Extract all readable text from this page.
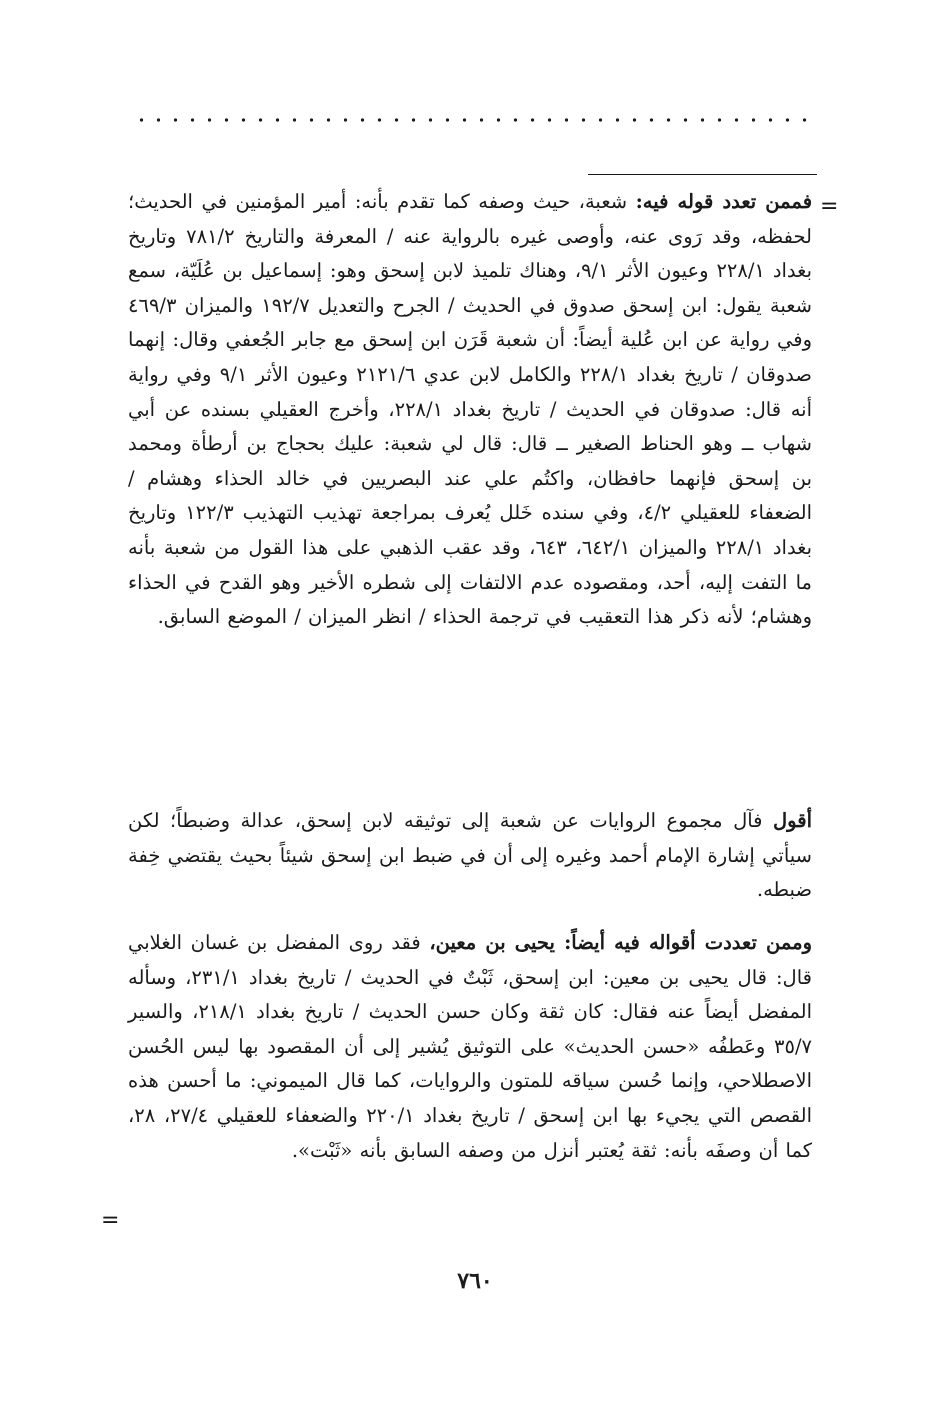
=

فممن تعدد قوله فيه: شعبة، حيث وصفه كما تقدم بأنه: أمير المؤمنين في الحديث؛ لحفظه، وقد رَوى عنه، وأوصى غيره بالرواية عنه / المعرفة والتاريخ ٧٨١/٢ وتاريخ بغداد ٢٢٨/١ وعيون الأثر ٩/١، وهناك تلميذ لابن إسحق وهو: إسماعيل بن عُلَيّة، سمع شعبة يقول: ابن إسحق صدوق في الحديث / الجرح والتعديل ١٩٢/٧ والميزان ٤٦٩/٣ وفي رواية عن ابن عُلية أيضاً: أن شعبة قَرَن ابن إسحق مع جابر الجُعفي وقال: إنهما صدوقان / تاريخ بغداد ٢٢٨/١ والكامل لابن عدي ٢١٢١/٦ وعيون الأثر ٩/١ وفي رواية أنه قال: صدوقان في الحديث / تاريخ بغداد ٢٢٨/١، وأخرج العقيلي بسنده عن أبي شهاب ــ وهو الحناط الصغير ــ قال: قال لي شعبة: عليك بحجاج بن أرطأة ومحمد بن إسحق فإنهما حافظان، واكتُم علي عند البصريين في خالد الحذاء وهشام / الضعفاء للعقيلي ٤/٢، وفي سنده خَلل يُعرف بمراجعة تهذيب التهذيب ١٢٢/٣ وتاريخ بغداد ٢٢٨/١ والميزان ٦٤٢/١، ٦٤٣، وقد عقب الذهبي على هذا القول من شعبة بأنه ما التفت إليه، أحد، ومقصوده عدم الالتفات إلى شطره الأخير وهو القدح في الحذاء وهشام؛ لأنه ذكر هذا التعقيب في ترجمة الحذاء / انظر الميزان / الموضع السابق.

أقول فآل مجموع الروايات عن شعبة إلى توثيقه لابن إسحق، عدالة وضبطاً؛ لكن سيأتي إشارة الإمام أحمد وغيره إلى أن في ضبط ابن إسحق شيئاً بحيث يقتضي خِفة ضبطه.

وممن تعددت أقواله فيه أيضاً: يحيى بن معين، فقد روى المفضل بن غسان الغلابي قال: قال يحيى بن معين: ابن إسحق، ثَبْتٌ في الحديث / تاريخ بغداد ٢٣١/١، وسأله المفضل أيضاً عنه فقال: كان ثقة وكان حسن الحديث / تاريخ بغداد ٢١٨/١، والسير ٣٥/٧ وعَطفُه «حسن الحديث» على التوثيق يُشير إلى أن المقصود بها ليس الحُسن الاصطلاحي، وإنما حُسن سياقه للمتون والروايات، كما قال الميموني: ما أحسن هذه القصص التي يجيء بها ابن إسحق / تاريخ بغداد ٢٢٠/١ والضعفاء للعقيلي ٢٧/٤، ٢٨، كما أن وصفَه بأنه: ثقة يُعتبر أنزل من وصفه السابق بأنه «ثَبْت».

=
٧٦٠
